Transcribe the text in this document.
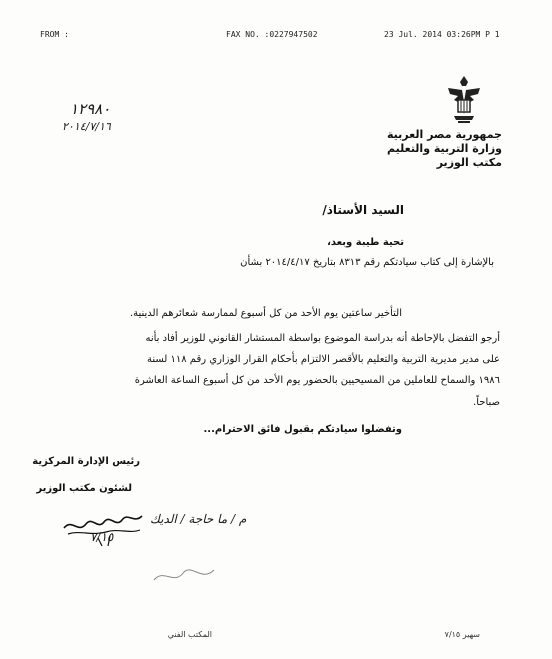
FROM :	FAX NO. :0227947502	23 Jul. 2014 03:26PM P 1
١٢٩٨٠
٢٠١٤/٧/١٦
جمهورية مصر العربية
وزارة التربية والتعليم
مكتب الوزير
السيد الأستاذ/
تحية طيبة وبعد،
بالإشارة إلى كتاب سيادتكم رقم ٨٣١٣ بتاريخ ٢٠١٤/٤/١٧ بشأن
التأخير ساعتين يوم الأحد من كل أسبوع لممارسة شعائرهم الدينية.
أرجو التفضل بالإحاطة أنه بدراسة الموضوع بواسطة المستشار القانوني للوزير أفاد بأنه
على مدير مديرية التربية والتعليم بالأقصر الالتزام بأحكام القرار الوزاري رقم ١١٨ لسنة
١٩٨٦ والسماح للعاملين من المسيحيين بالحضور يوم الأحد من كل أسبوع الساعة العاشرة
صباحاً.
وتفضلوا سيادتكم بقبول فائق الاحترام...
رئيس الإدارة المركزية
لشئون مكتب الوزير
م / ما حاجة / الديك
٧/١٥
المكتب الفني	سهير ٧/١٥
